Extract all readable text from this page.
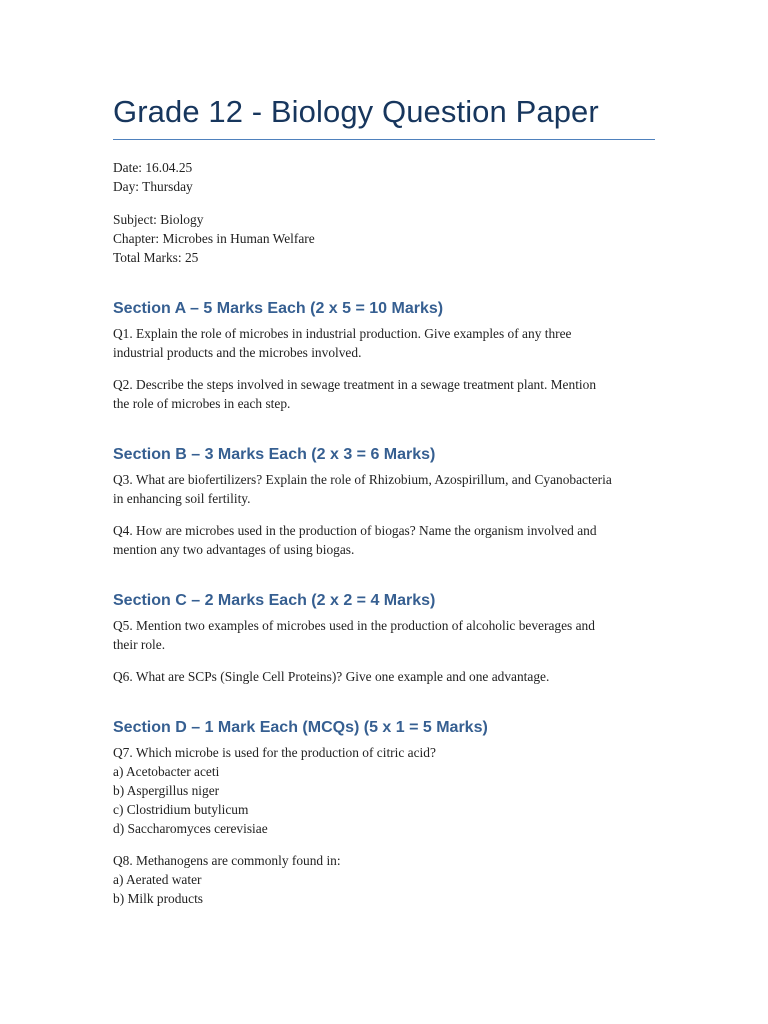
Grade 12 - Biology Question Paper
Date: 16.04.25
Day: Thursday
Subject: Biology
Chapter: Microbes in Human Welfare
Total Marks: 25
Section A – 5 Marks Each (2 x 5 = 10 Marks)
Q1. Explain the role of microbes in industrial production. Give examples of any three
industrial products and the microbes involved.
Q2. Describe the steps involved in sewage treatment in a sewage treatment plant. Mention
the role of microbes in each step.
Section B – 3 Marks Each (2 x 3 = 6 Marks)
Q3. What are biofertilizers? Explain the role of Rhizobium, Azospirillum, and Cyanobacteria
in enhancing soil fertility.
Q4. How are microbes used in the production of biogas? Name the organism involved and
mention any two advantages of using biogas.
Section C – 2 Marks Each (2 x 2 = 4 Marks)
Q5. Mention two examples of microbes used in the production of alcoholic beverages and
their role.
Q6. What are SCPs (Single Cell Proteins)? Give one example and one advantage.
Section D – 1 Mark Each (MCQs) (5 x 1 = 5 Marks)
Q7. Which microbe is used for the production of citric acid?
a) Acetobacter aceti
b) Aspergillus niger
c) Clostridium butylicum
d) Saccharomyces cerevisiae
Q8. Methanogens are commonly found in:
a) Aerated water
b) Milk products
